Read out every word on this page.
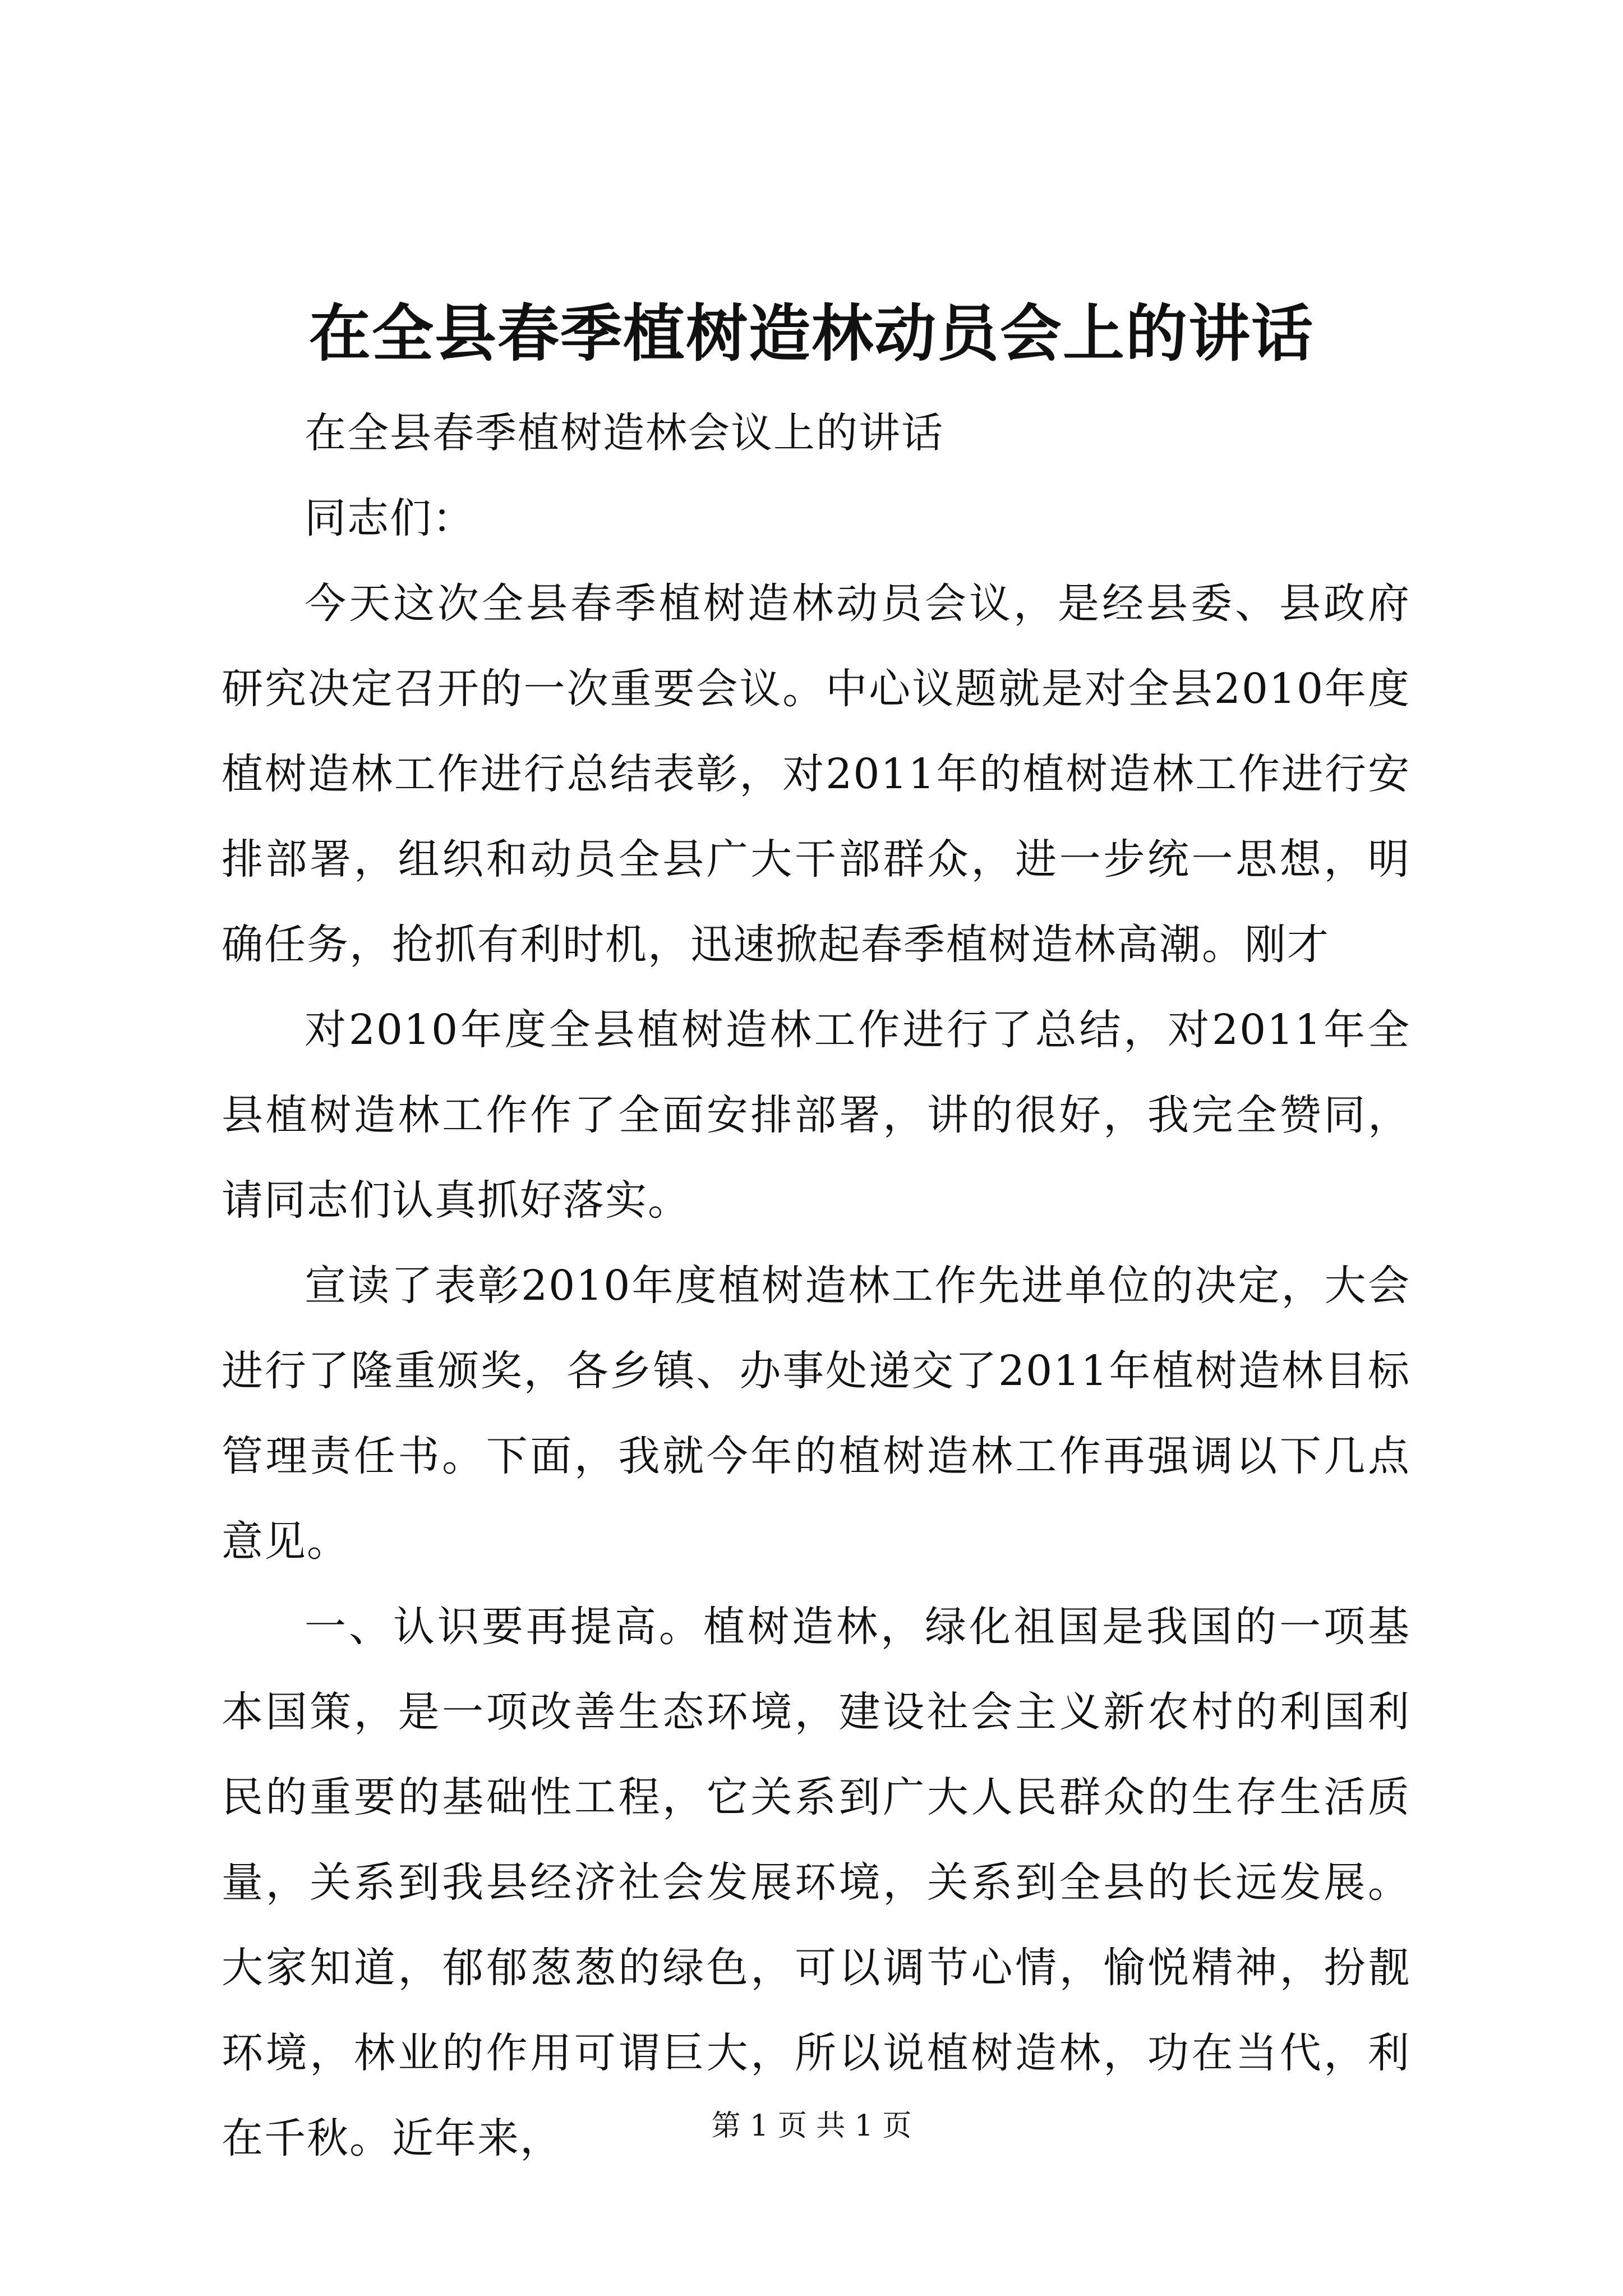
在全县春季植树造林动员会上的讲话

在全县春季植树造林会议上的讲话

同志们：

今天这次全县春季植树造林动员会议，是经县委、县政府研究决定召开的一次重要会议。中心议题就是对全县2010年度植树造林工作进行总结表彰，对2011年的植树造林工作进行安排部署，组织和动员全县广大干部群众，进一步统一思想，明确任务，抢抓有利时机，迅速掀起春季植树造林高潮。刚才

对2010年度全县植树造林工作进行了总结，对2011年全县植树造林工作作了全面安排部署，讲的很好，我完全赞同，请同志们认真抓好落实。

宣读了表彰2010年度植树造林工作先进单位的决定，大会进行了隆重颁奖，各乡镇、办事处递交了2011年植树造林目标管理责任书。下面，我就今年的植树造林工作再强调以下几点意见。

一、认识要再提高。植树造林，绿化祖国是我国的一项基本国策，是一项改善生态环境，建设社会主义新农村的利国利民的重要的基础性工程，它关系到广大人民群众的生存生活质量，关系到我县经济社会发展环境，关系到全县的长远发展。大家知道，郁郁葱葱的绿色，可以调节心情，愉悦精神，扮靓环境，林业的作用可谓巨大，所以说植树造林，功在当代，利在千秋。近年来，	第 1 页 共 1 页
